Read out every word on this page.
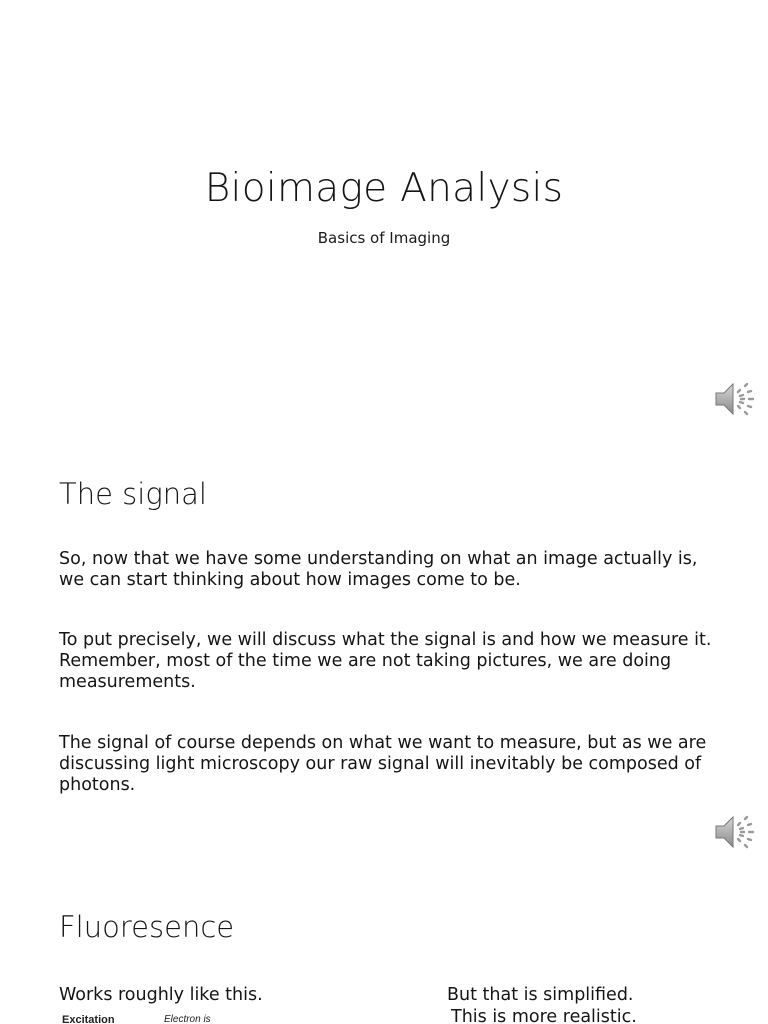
Bioimage Analysis
Basics of Imaging
The signal

So, now that we have some understanding on what an image actually is, we can start thinking about how images come to be.

To put precisely, we will discuss what the signal is and how we measure it. Remember, most of the time we are not taking pictures, we are doing measurements.

The signal of course depends on what we want to measure, but as we are discussing light microscopy our raw signal will inevitably be composed of photons.

Fluoresence
Works roughly like this.	But that is simplified.
This is more realistic.
Excitation	Electron is
